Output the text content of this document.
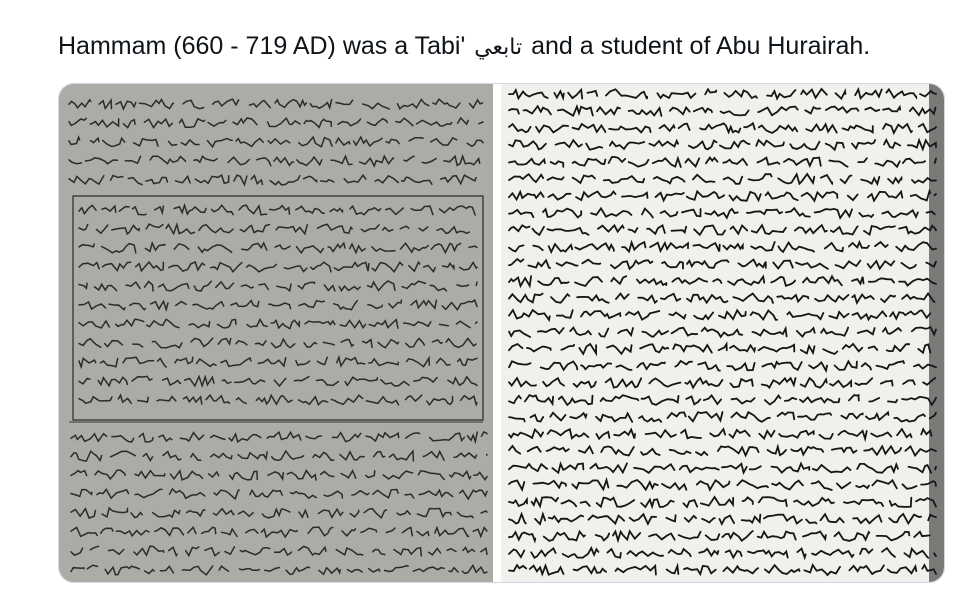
Hammam (660 - 719 AD) was a Tabi' تابعي and a student of Abu Hurairah.
